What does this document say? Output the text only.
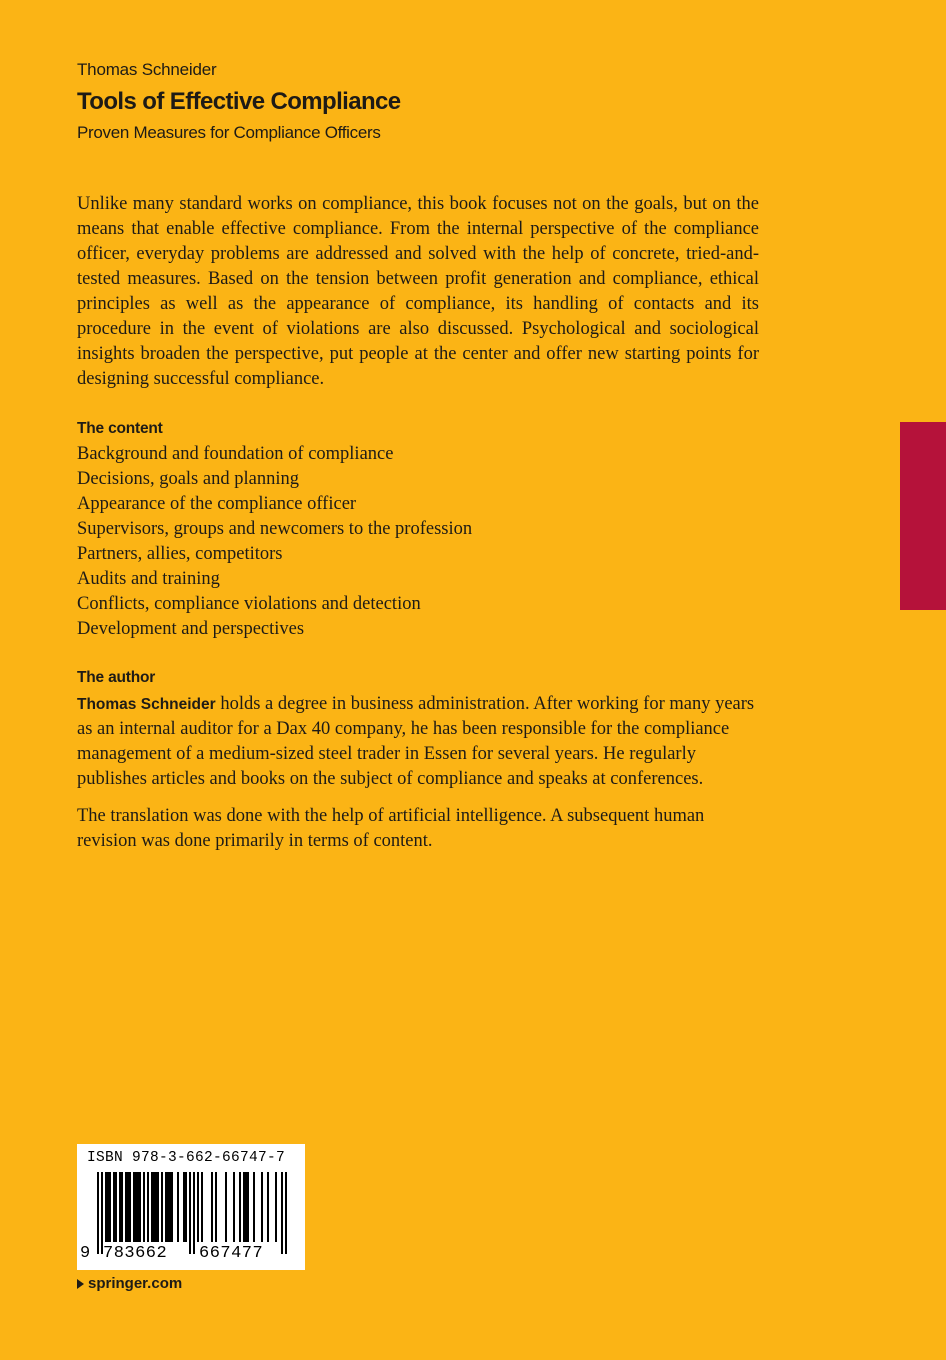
Thomas Schneider
Tools of Effective Compliance
Proven Measures for Compliance Officers

Unlike many standard works on compliance, this book focuses not on the goals, but on the means that enable effective compliance. From the internal perspective of the compliance officer, everyday problems are addressed and solved with the help of concrete, tried-and-tested measures. Based on the tension between profit generation and compliance, ethical principles as well as the appearance of compliance, its handling of contacts and its procedure in the event of violations are also discussed. Psychological and sociological insights broaden the perspective, put people at the center and offer new starting points for designing successful compliance.

The content
Background and foundation of compliance
Decisions, goals and planning
Appearance of the compliance officer
Supervisors, groups and newcomers to the profession
Partners, allies, competitors
Audits and training
Conflicts, compliance violations and detection
Development and perspectives
The author

Thomas Schneider holds a degree in business administration. After working for many years as an internal auditor for a Dax 40 company, he has been responsible for the compliance management of a medium-sized steel trader in Essen for several years. He regularly publishes articles and books on the subject of compliance and speaks at conferences.

The translation was done with the help of artificial intelligence. A subsequent human revision was done primarily in terms of content.

ISBN 978-3-662-66747-7
9 783662 667477
springer.com
